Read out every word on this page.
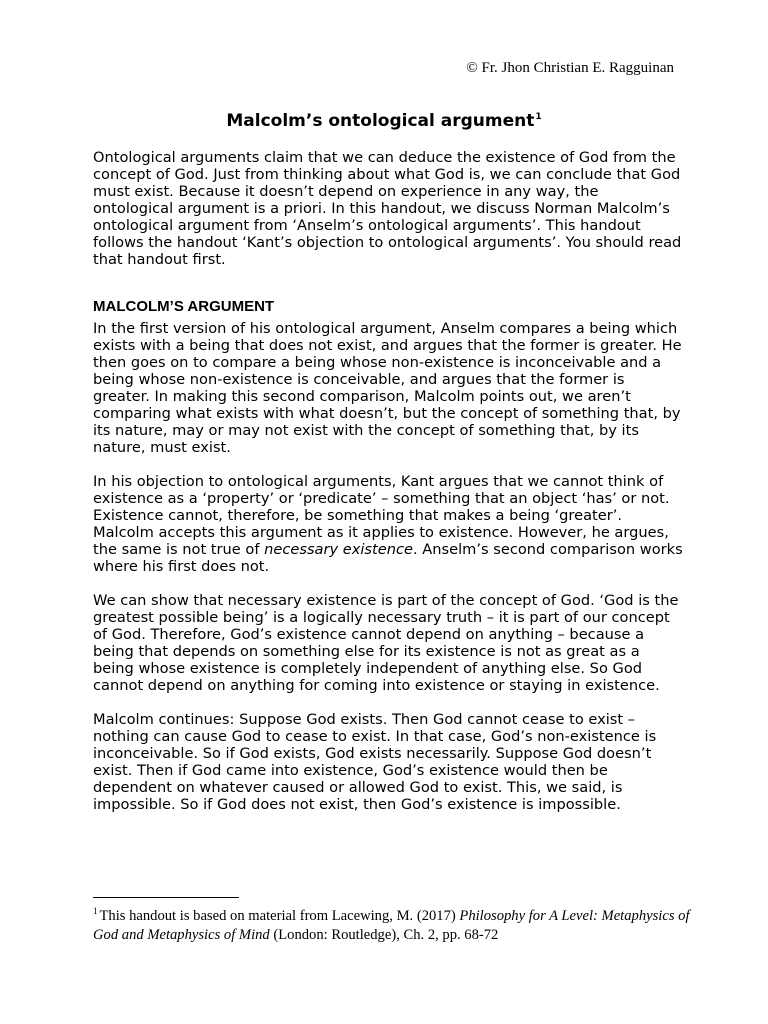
© Fr. Jhon Christian E. Ragguinan
Malcolm’s ontological argument$^1$

Ontological arguments claim that we can deduce the existence of God from the concept of God. Just from thinking about what God is, we can conclude that God must exist. Because it doesn’t depend on experience in any way, the ontological argument is a priori. In this handout, we discuss Norman Malcolm’s ontological argument from ‘Anselm’s ontological arguments’. This handout follows the handout ‘Kant’s objection to ontological arguments’. You should read that handout first.

MALCOLM’S ARGUMENT

In the first version of his ontological argument, Anselm compares a being which exists with a being that does not exist, and argues that the former is greater. He then goes on to compare a being whose non-existence is inconceivable and a being whose non-existence is conceivable, and argues that the former is greater. In making this second comparison, Malcolm points out, we aren’t comparing what exists with what doesn’t, but the concept of something that, by its nature, may or may not exist with the concept of something that, by its nature, must exist.

In his objection to ontological arguments, Kant argues that we cannot think of existence as a ‘property’ or ‘predicate’ – something that an object ‘has’ or not. Existence cannot, therefore, be something that makes a being ‘greater’. Malcolm accepts this argument as it applies to existence. However, he argues, the same is not true of necessary existence. Anselm’s second comparison works where his first does not.

We can show that necessary existence is part of the concept of God. ‘God is the greatest possible being’ is a logically necessary truth – it is part of our concept of God. Therefore, God’s existence cannot depend on anything – because a being that depends on something else for its existence is not as great as a being whose existence is completely independent of anything else. So God cannot depend on anything for coming into existence or staying in existence.

Malcolm continues: Suppose God exists. Then God cannot cease to exist – nothing can cause God to cease to exist. In that case, God’s non-existence is inconceivable. So if God exists, God exists necessarily. Suppose God doesn’t exist. Then if God came into existence, God’s existence would then be dependent on whatever caused or allowed God to exist. This, we said, is impossible. So if God does not exist, then God’s existence is impossible.

$^1$ This handout is based on material from Lacewing, M. (2017) Philosophy for A Level: Metaphysics of God and Metaphysics of Mind (London: Routledge), Ch. 2, pp. 68-72
